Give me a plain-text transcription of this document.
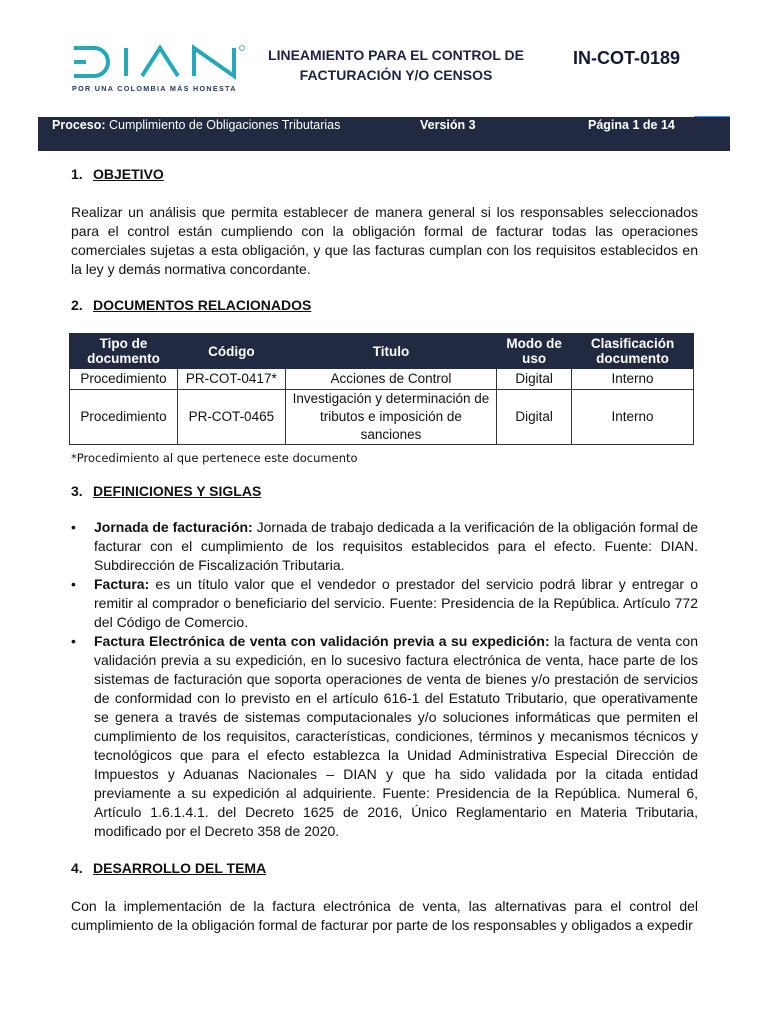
POR UNA COLOMBIA MÁS HONESTA
LINEAMIENTO PARA EL CONTROL DE
FACTURACIÓN Y/O CENSOS
IN-COT-0189
Proceso: Cumplimiento de Obligaciones Tributarias	Versión 3	Página 1 de 14
1. OBJETIVO
Realizar un análisis que permita establecer de manera general si los responsables seleccionados para el control están cumpliendo con la obligación formal de facturar todas las operaciones comerciales sujetas a esta obligación, y que las facturas cumplan con los requisitos establecidos en la ley y demás normativa concordante.
2. DOCUMENTOS RELACIONADOS
Tipo de documento	Código	Titulo	Modo de uso	Clasificación documento
Procedimiento	PR-COT-0417*	Acciones de Control	Digital	Interno
Procedimiento	PR-COT-0465	Investigación y determinación de tributos e imposición de sanciones	Digital	Interno
*Procedimiento al que pertenece este documento
3. DEFINICIONES Y SIGLAS
• Jornada de facturación: Jornada de trabajo dedicada a la verificación de la obligación formal de facturar con el cumplimiento de los requisitos establecidos para el efecto. Fuente: DIAN. Subdirección de Fiscalización Tributaria.
• Factura: es un título valor que el vendedor o prestador del servicio podrá librar y entregar o remitir al comprador o beneficiario del servicio. Fuente: Presidencia de la República. Artículo 772 del Código de Comercio.
• Factura Electrónica de venta con validación previa a su expedición: la factura de venta con validación previa a su expedición, en lo sucesivo factura electrónica de venta, hace parte de los sistemas de facturación que soporta operaciones de venta de bienes y/o prestación de servicios de conformidad con lo previsto en el artículo 616-1 del Estatuto Tributario, que operativamente se genera a través de sistemas computacionales y/o soluciones informáticas que permiten el cumplimiento de los requisitos, características, condiciones, términos y mecanismos técnicos y tecnológicos que para el efecto establezca la Unidad Administrativa Especial Dirección de Impuestos y Aduanas Nacionales – DIAN y que ha sido validada por la citada entidad previamente a su expedición al adquiriente. Fuente: Presidencia de la República. Numeral 6, Artículo 1.6.1.4.1. del Decreto 1625 de 2016, Único Reglamentario en Materia Tributaria, modificado por el Decreto 358 de 2020.
4. DESARROLLO DEL TEMA
Con la implementación de la factura electrónica de venta, las alternativas para el control del cumplimiento de la obligación formal de facturar por parte de los responsables y obligados a expedir
